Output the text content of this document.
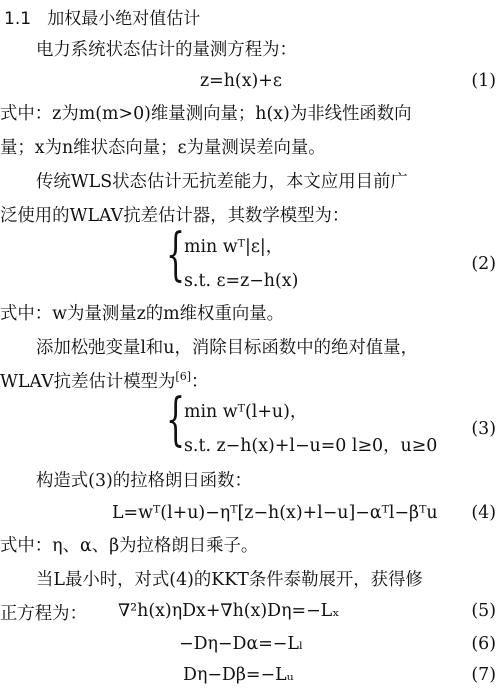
1.1 加权最小绝对值估计
电力系统状态估计的量测方程为：
z=h(x)+ε	(1)
式中：z为m(m>0)维量测向量；h(x)为非线性函数向
量；x为n维状态向量；ε为量测误差向量。
传统WLS状态估计无抗差能力，本文应用目前广
泛使用的WLAV抗差估计器，其数学模型为：
{
min wᵀ|ε|，
s.t. ε=z−h(x)
(2)
式中：w为量测量z的m维权重向量。
添加松弛变量l和u，消除目标函数中的绝对值量，
WLAV抗差估计模型为[6]：
{
min wᵀ(l+u)，
s.t. z−h(x)+l−u=0 l≥0，u≥0
(3)
构造式(3)的拉格朗日函数：
L=wᵀ(l+u)−ηᵀ[z−h(x)+l−u]−αᵀl−βᵀu	(4)
式中：η、α、β为拉格朗日乘子。
当L最小时，对式(4)的KKT条件泰勒展开，获得修
正方程为：	∇²h(x)ηDx+∇h(x)Dη=−Lₓ	(5)
−Dη−Dα=−Lₗ	(6)
Dη−Dβ=−Lᵤ	(7)
